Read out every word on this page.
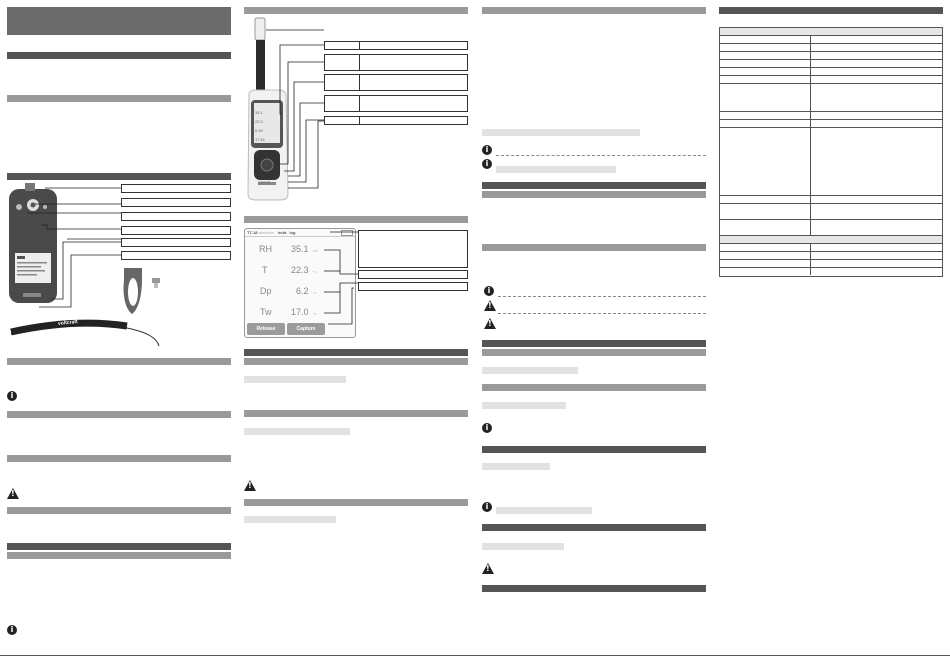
voltcraft
i
!
i
35.1
22.3
5.49
17.81
voltcraft
TT-18 absolute hold log
RH 35.1 %rh
T	22.3 °C
Dp	6.2 °C
Tw 17.0 °C
Release	Capture
!
i
i
i
!
!
i
i
!
